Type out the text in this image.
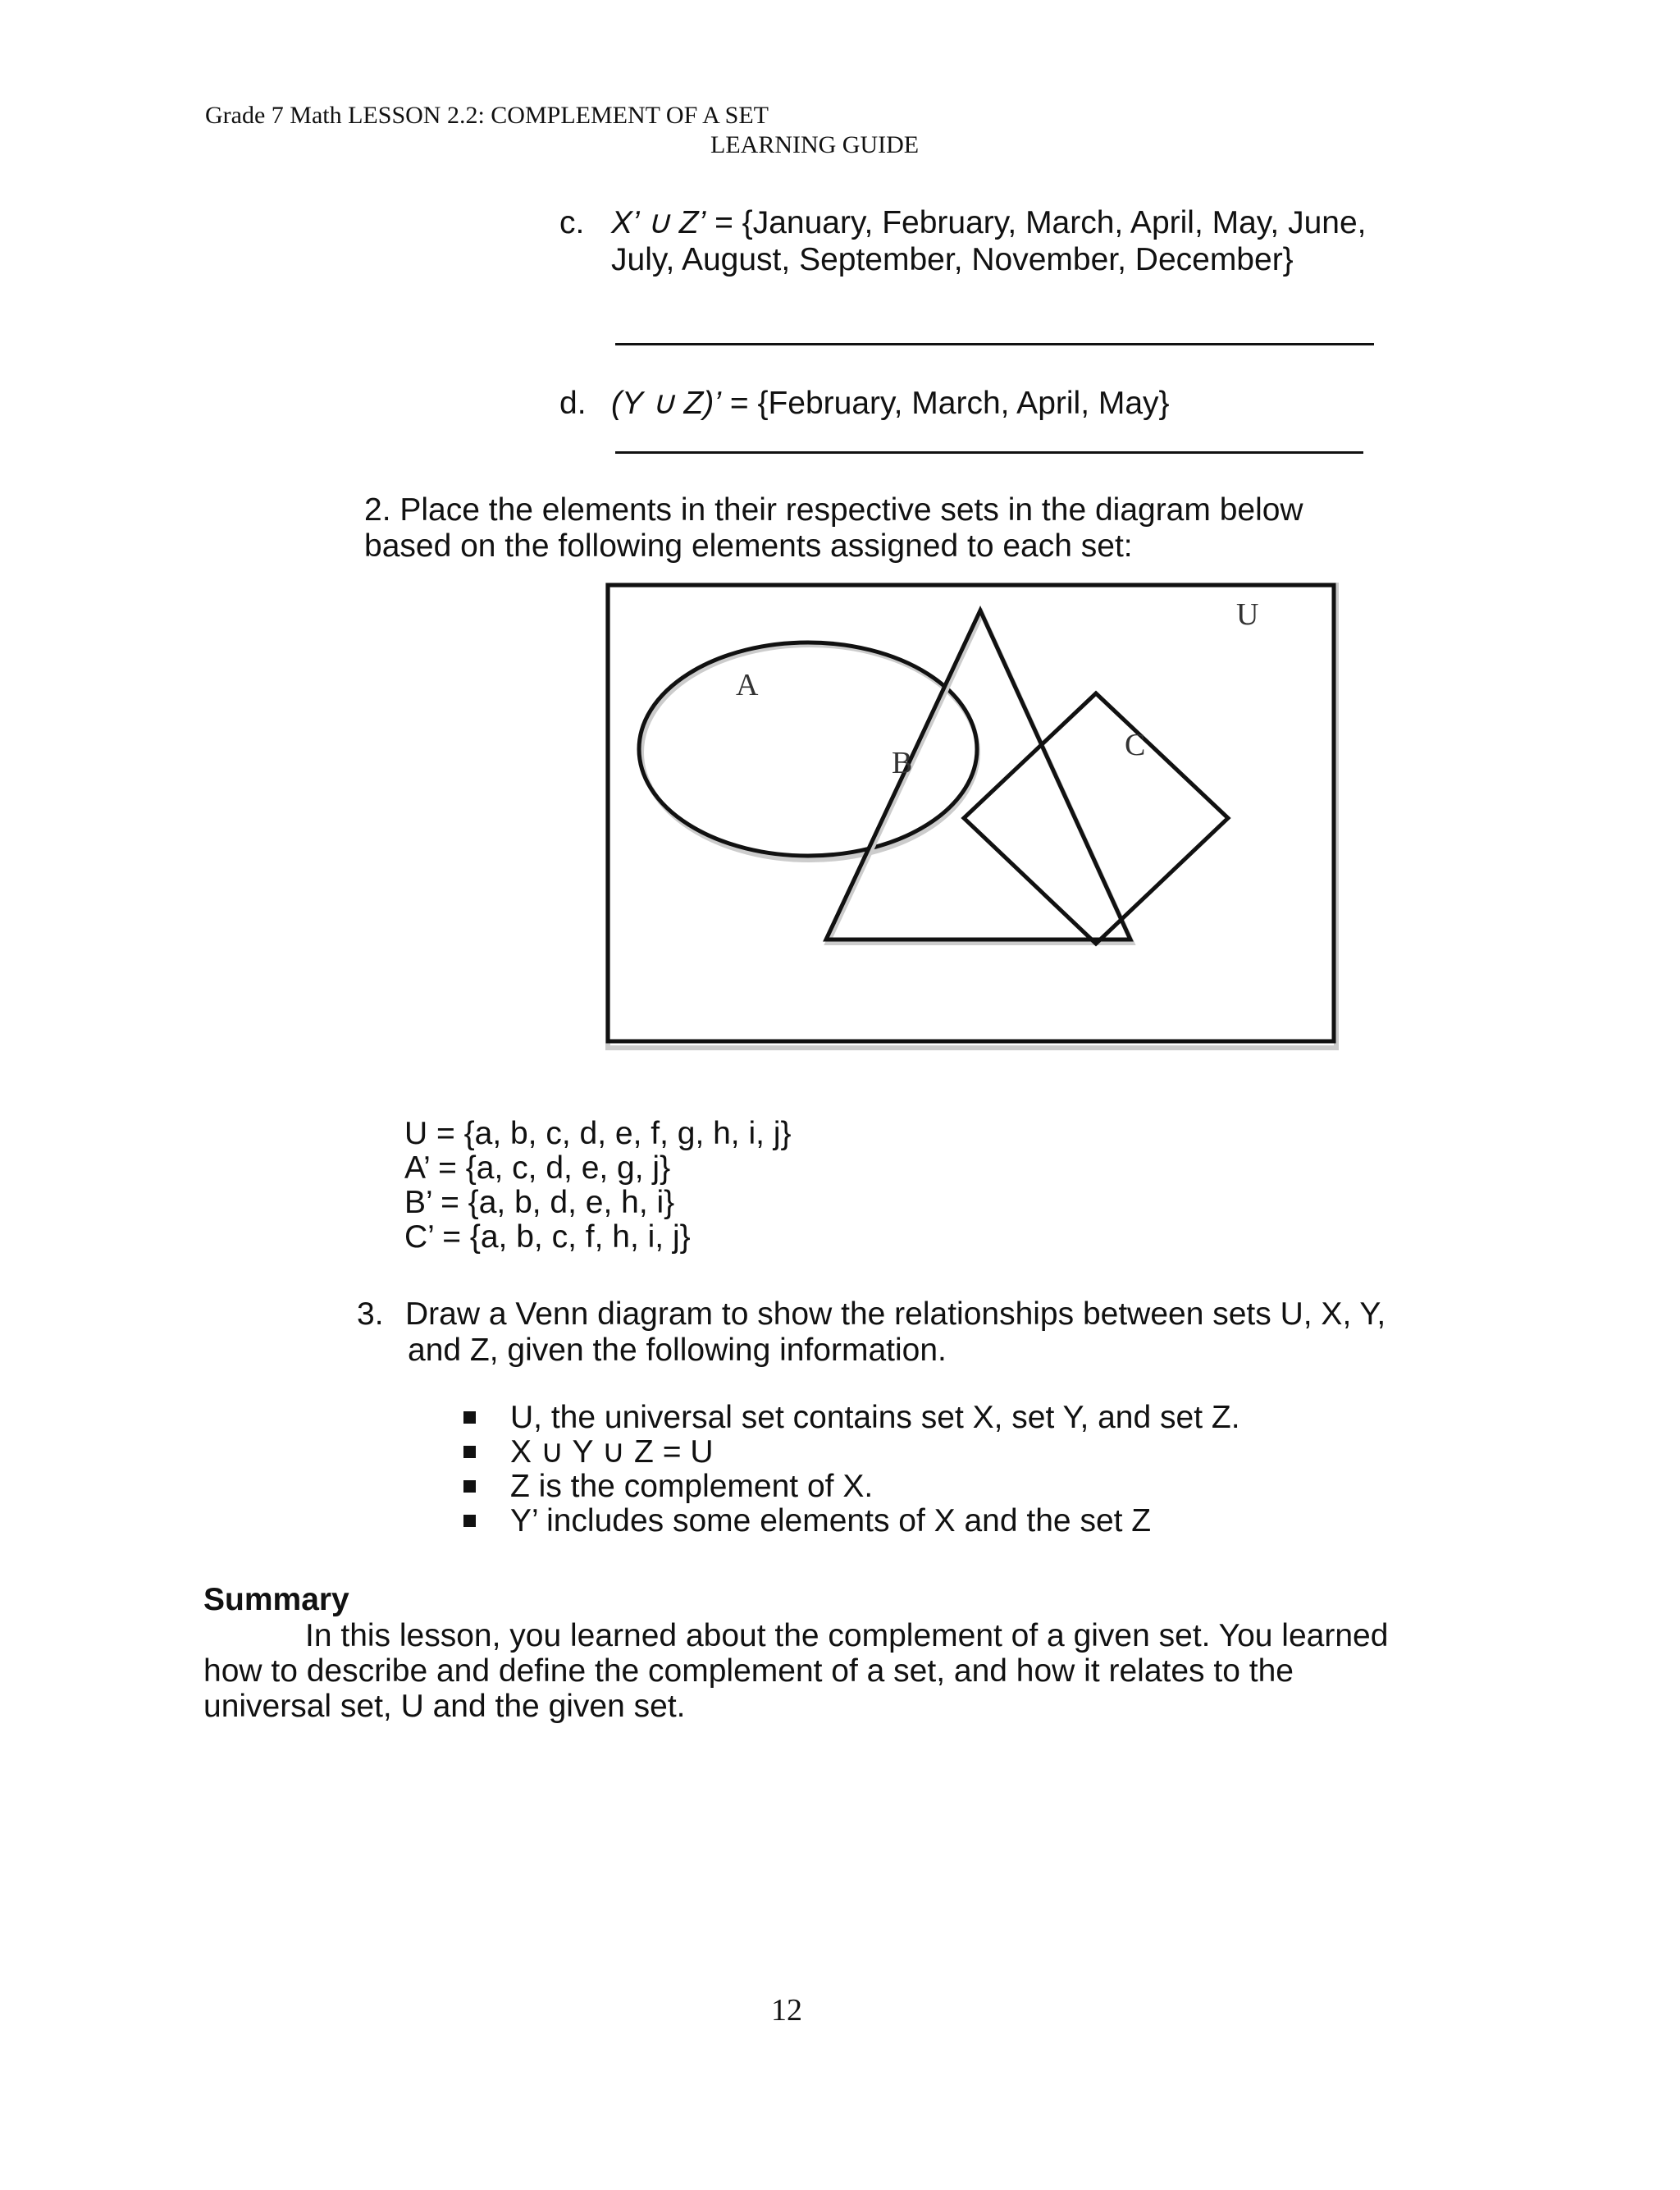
Grade 7 Math LESSON 2.2: COMPLEMENT OF A SET
LEARNING GUIDE
c. X’ ∪ Z’ = {January, February, March, April, May, June,
July, August, September, November, December}
d. (Y ∪ Z)’ = {February, March, April, May}
2. Place the elements in their respective sets in the diagram below
based on the following elements assigned to each set:
U
A
B
C
U = {a, b, c, d, e, f, g, h, i, j}
A’ = {a, c, d, e, g, j}
B’ = {a, b, d, e, h, i}
C’ = {a, b, c, f, h, i, j}
3. Draw a Venn diagram to show the relationships between sets U, X, Y,
and Z, given the following information.
U, the universal set contains set X, set Y, and set Z.
X ∪ Y ∪ Z = U
Z is the complement of X.
Y’ includes some elements of X and the set Z
Summary
In this lesson, you learned about the complement of a given set. You learned
how to describe and define the complement of a set, and how it relates to the
universal set, U and the given set.
12
